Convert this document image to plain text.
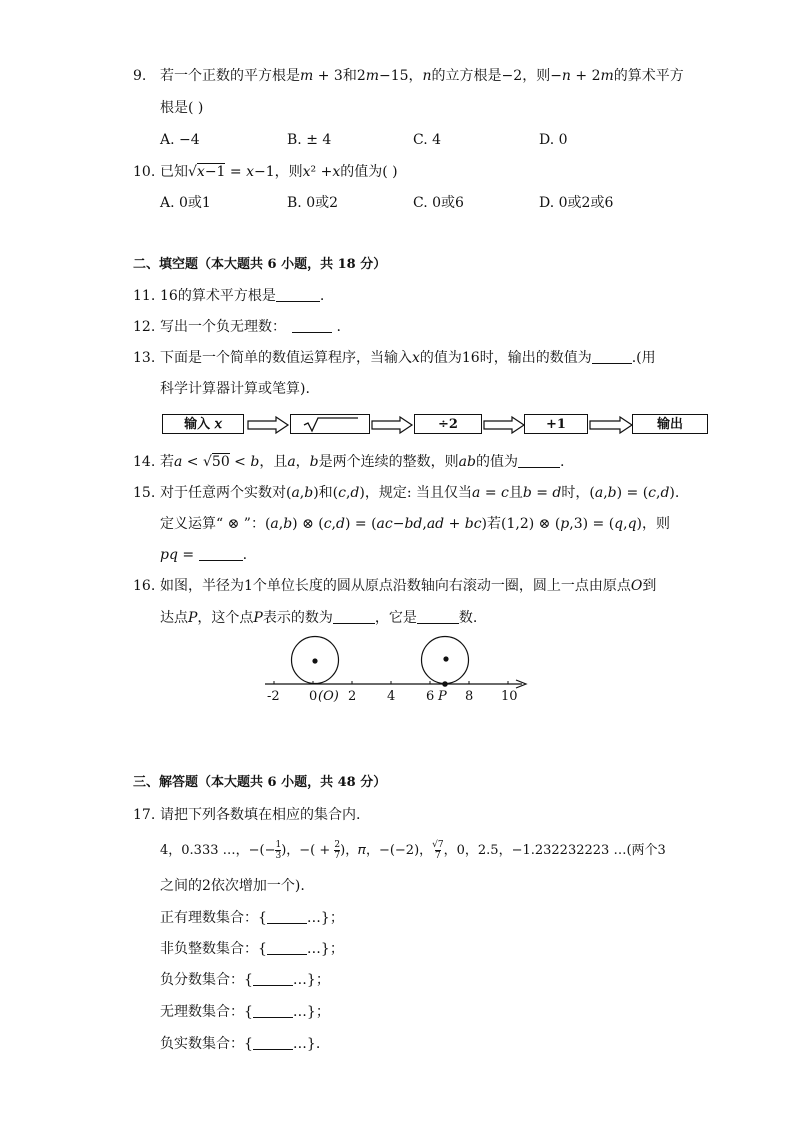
9. 若一个正数的平方根是𝑚 + 3和2𝑚−15，𝑛的立方根是−2，则−𝑛 + 2𝑚的算术平方
根是( )
A. −4	B. ± 4	C. 4	D. 0
10. 已知√𝑥−1 = 𝑥−1，则𝑥² +𝑥的值为( )
A. 0或1	B. 0或2	C. 0或6	D. 0或2或6
二、填空题（本大题共 6 小题，共 18 分）
11. 16的算术平方根是	.
12. 写出一个负无理数：	.
13. 下面是一个简单的数值运算程序，当输入𝑥的值为16时，输出的数值为	.(用
科学计算器计算或笔算).
输入 𝑥	÷2	+1	输出
14. 若𝑎 < √50 < 𝑏，且𝑎，𝑏是两个连续的整数，则𝑎𝑏的值为	.
15. 对于任意两个实数对(𝑎,𝑏)和(𝑐,𝑑)，规定: 当且仅当𝑎 = 𝑐且𝑏 = 𝑑时，(𝑎,𝑏) = (𝑐,𝑑).
定义运算“ ⊗ ”：(𝑎,𝑏) ⊗ (𝑐,𝑑) = (𝑎𝑐−𝑏𝑑,𝑎𝑑 + 𝑏𝑐)若(1,2) ⊗ (𝑝,3) = (𝑞,𝑞)，则
𝑝𝑞 =	.
16. 如图，半径为1个单位长度的圆从原点沿数轴向右滚动一圈，圆上一点由原点𝑂到
达点𝑃，这个点𝑃表示的数为	，它是	数.
-2 0 (𝑂) 2 4 6 𝑃 8 10
三、解答题（本大题共 6 小题，共 48 分）
17. 请把下列各数填在相应的集合内.
4，0.333 …，−(− $\frac{1}{3}$ )，−( + $\frac{2}{7}$ )，𝜋，−(−2)， $\frac{√7}{7}$ ，0，2.5，−1.232232223 …(两个3
之间的2依次增加一个).
正有理数集合：{	…}；
非负整数集合：{	…}；
负分数集合：{	…}；
无理数集合：{	…}；
负实数集合：{	…}.
